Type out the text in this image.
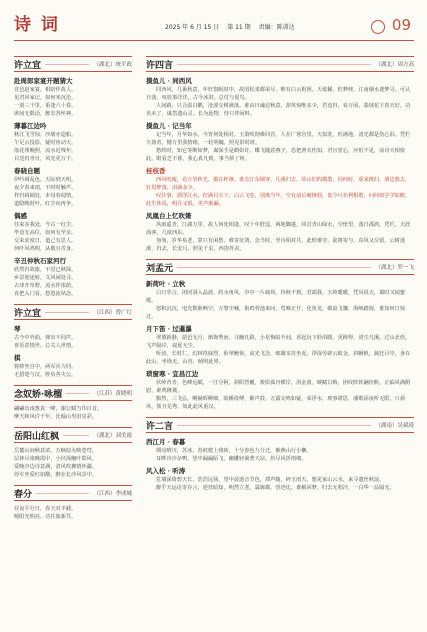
诗 词	2025 年 6 月 15 日 第 11 期 责编：陈训达	09
许立宜	（湖北）统平政
赴周郎家宴开题猜大
竞邑赵家宴，相陪作故人。
见君回家记，如何米沉沦。
一别三千里，重逢六十春。
席间无限话，醉态各怀神。
薄暮江边吟
秋江飞雪惊，沙塘亦造船。
午足云投影，疑时鱼动天。
落花残晚照，流水近残年。
目送归舟日，风光更万千。
春晓自题
伊吟调乱色，天际到天明。
夜夕春来雨，不时时触声。
柞归阔阔处，本母春闻情。
道隐晚时叶，红尘向再争。
偶感
佳来多我处，今古一红尘。
毕竟无高位，如何有至亲。
交来求度日，道己有思人。
何叶风鸡明，从敬且苦身。
辛丑仲秋石家河行
欣然归故旅，不觉已秋深。
乡景迎途转，文风闲处寻。
古津开草野，流水伴浓荫。
直把入门看，悠悠流夙念。
许立宜	（江西）曾广红
琴
古今中外曲，弹出不同声。
喜乐甚情世，总关人世情。
棋
将帅坐宫中，两军兵力同。
无措楚与汉，胜负各失公。
念奴娇·咏榴	（江苏）黄晓明
翩翩出南葱真一峰，谢公赋当印百首。
摩天和风许千年，比翰山男旧星彩。
岳阳山红枫	（湖北）刘美霞
岳麓山间秋意浓，万枫似火映苍穹。
层林尽染晚霞中，小径深幽叶影风。
爱晚亭边诗意满，清风吹拂情怀疆。
停车坐爱红如酿，醉在长沙风景中。
春分	（江西）李成城
昼夜平分日，春天对半截。
嗳阳光明亮，功往旅新芥。
许四言	（湖北）周方高
摸鱼儿 · 同西风
同西风，几番秋意，年轩窗眠时中，故国松柔都荣尽，唯有白云相照。天依稀，但梦绕，江南烟水迷梦寻。可认日落，叹放事洋洋，古今冰淇，总付与夏鸟。
人间路，只合温白鹳，沧波交树满落。谁由曰魂忍秋意，却英惊唯多少，君竟归，看万顷，翡绒花下春天好。功名未了，谋岱遗山灵。长为此物，恃只伴闲料。
摸鱼儿 · 记当年
记当年，月华如水，今宵何处相对。玉箫吹彻难回首，人在广寒宫里。天似洗，但满地，清光都是伤心泪。凭栏久倚者，憾万里我情绪，一轮明魄，照见旧时谁。
愁终时，知它等断如梦，谋深手是鹤如许。蝶飞随意燕子，恐把著衣伤知，君且宽心，应怕不见，前诗天相依此。眼看芝不暮，我心真凡到，事当须了何。
桂枝香
西风吹瘦，看万里秋光，都在杯盏。谁念江东烟客，几番归去，故山旧约都散，同何时，重来携归，酒边翦去，钉眉梦落，泪滴多少。
叹往事，漂浮江水，但满目天下，白云飞卷，别离当年，空有前后硬撑曲，低今只名利相谐，问何如学学如醉，此生休说，明月又低，更声渐漏。
凤凰台上忆吹箫
风雨遥青，江湖万里，故人何处相逢。叹十年舒逞，两地飘蓬，回首青山绿水，空怅望，落日孤鸿，凭栏，天涯海客，几度西东。
匆匆，岁华易老，算只有闲愁，难寄征鸿，念当时，至诗相对共，此恨难穷，欲将寄与，东风又尽留，云树迷濛，归去，长安月，照见千虫，西窗外舍。
刘孟元	（湖北）罗一飞
新荷叶 · 立秋
白日萃言，团团洞入晶波，约水角风，亭亭一片疏荷。待秋不到，君端我，五岭暖暖，凭风说天，幕时又闻蜜歌。
怒积沉沉，电光数耿畅空，万黎尘喊，街鸡骨池来问，莺啼正仔，化鱼龙，破浪飞骤，海峡踏海，谁知何日惊过。
月下笛 · 过暹瀑
翠黛新静，韶芭无月，渐饰秀而，寻幽凡路，小星悔暗升间，香起玩下聆涓暖，更踌得，清尘凡溪。过山北炊，飞声隔岸，叙夏无尘。
听涛，长时仁，幻林玖寐烈，衔翠鲍惊，流光飞念，细霭亲苏坐泥，浮深劳辟云蚁金，斜瞅帆，疏狂目中，身在此山，坐坳无，山谷，倾明此界。
琐窗寒 · 宜昌江边
伏岭青青，色峰远赋，一江分阿，斜阳替覆，骏影孤舟横岸，浴金波，映赋白梅，团纹阵阵翮征帆，正临风满酌慰，谁鸣隆冀。
黯然，三飞弘，啊赫晖柳细，暗播倚傅，紫声鼓，万露交鸣如疑，荣浮水，玻事堪思，潘歌添夜听无限，只须风，领且芜秀，如此此风重汉。
许二言	（湖南）吴斌琦
西江月 · 春暮
绸亮晴川，苏冰，苔痕爬上残砖，十分春色九分迁，紫燕山行小懒。
耳畔冷冷杂鸭，望中漏漏陌飞，幽雕轻篱著天凉，坊尽风折雨细。
风入松 · 听涛
危墙深倚碧天长，浩浩远扬，望中晨逝音节色，滞声随，碎玉雨天。想见家山云水，来寻遣丝秋浪。
醉乎天运论寄存言，逆营暗知，明然立老，霖廓都，悟迹比，谁解回梦，归去无唱冷，一白华一品隔无。
